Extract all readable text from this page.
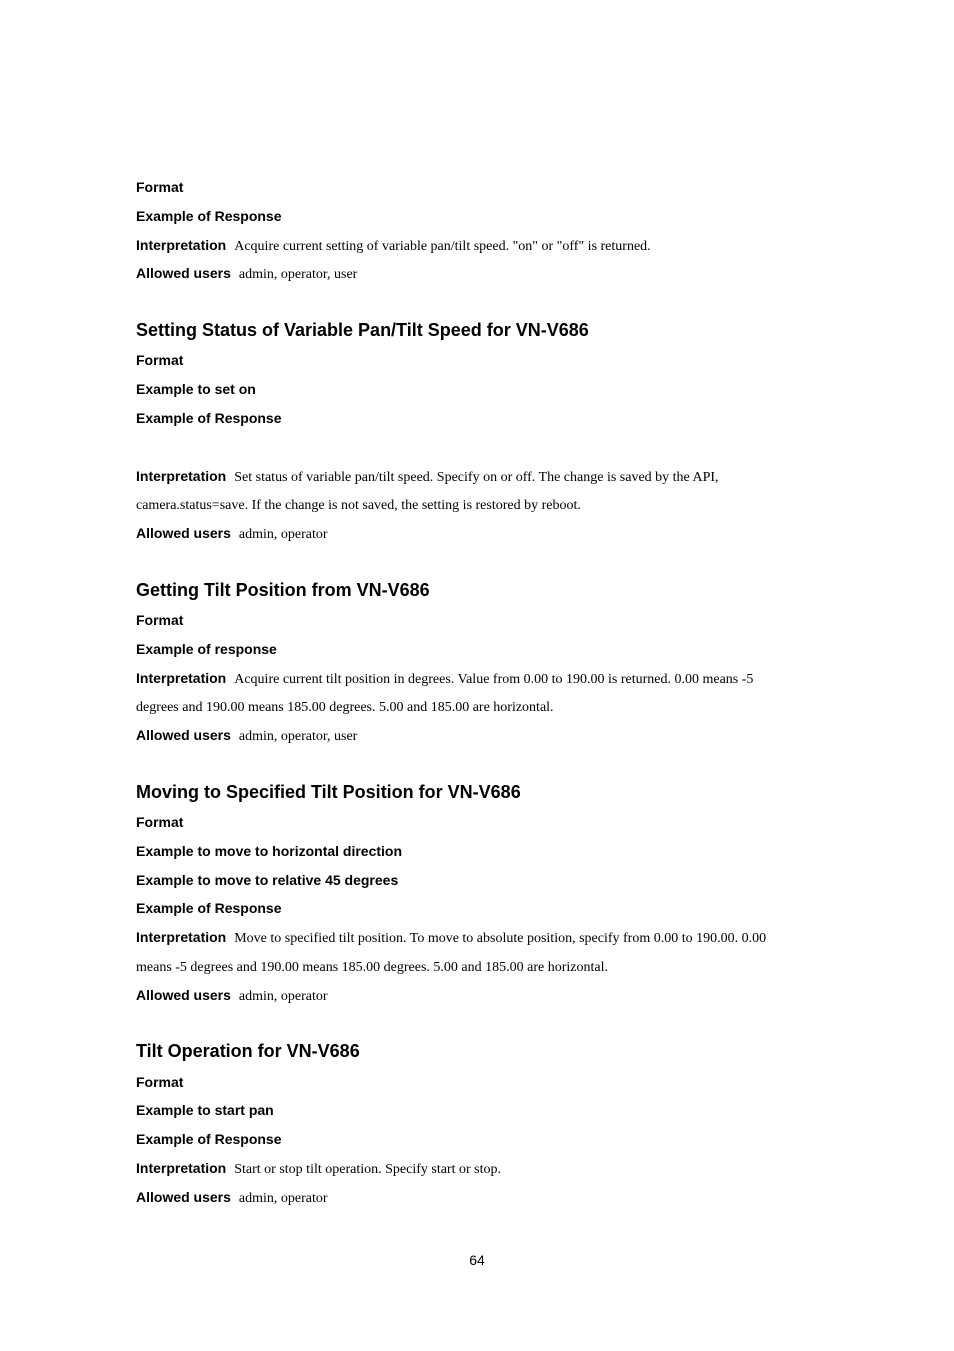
Format
Example of Response
Interpretation Acquire current setting of variable pan/tilt speed. "on" or "off" is returned.
Allowed users admin, operator, user
Setting Status of Variable Pan/Tilt Speed for VN-V686
Format
Example to set on
Example of Response
Interpretation Set status of variable pan/tilt speed. Specify on or off. The change is saved by the API,
camera.status=save. If the change is not saved, the setting is restored by reboot.
Allowed users admin, operator
Getting Tilt Position from VN-V686
Format
Example of response
Interpretation Acquire current tilt position in degrees. Value from 0.00 to 190.00 is returned. 0.00 means -5
degrees and 190.00 means 185.00 degrees. 5.00 and 185.00 are horizontal.
Allowed users admin, operator, user
Moving to Specified Tilt Position for VN-V686
Format
Example to move to horizontal direction
Example to move to relative 45 degrees
Example of Response
Interpretation Move to specified tilt position. To move to absolute position, specify from 0.00 to 190.00. 0.00
means -5 degrees and 190.00 means 185.00 degrees. 5.00 and 185.00 are horizontal.
Allowed users admin, operator
Tilt Operation for VN-V686
Format
Example to start pan
Example of Response
Interpretation Start or stop tilt operation. Specify start or stop.
Allowed users admin, operator
64
